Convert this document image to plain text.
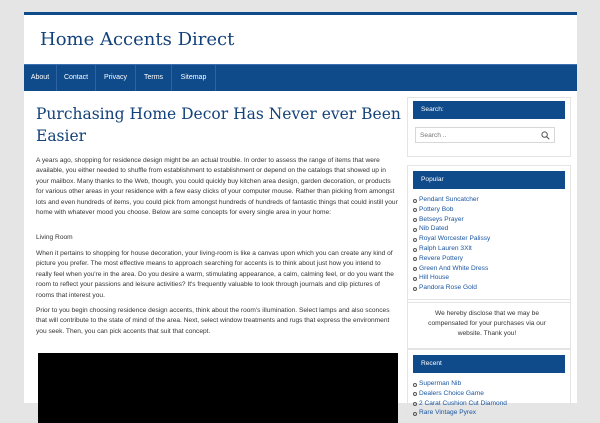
Home Accents Direct
About	Contact	Privacy	Terms	Sitemap
Purchasing Home Decor Has Never ever Been Easier

A years ago, shopping for residence design might be an actual trouble. In order to assess the range of items that were available, you either needed to shuffle from establishment to establishment or depend on the catalogs that showed up in your mailbox. Many thanks to the Web, though, you could quickly buy kitchen area design, garden decoration, or products for various other areas in your residence with a few easy clicks of your computer mouse. Rather than picking from amongst lots and even hundreds of items, you could pick from amongst hundreds of hundreds of fantastic things that could instill your home with whatever mood you choose. Below are some concepts for every single area in your home:

Living Room

When it pertains to shopping for house decoration, your living-room is like a canvas upon which you can create any kind of picture you prefer. The most effective means to approach searching for accents is to think about just how you intend to really feel when you're in the area. Do you desire a warm, stimulating appearance, a calm, calming feel, or do you want the room to reflect your passions and leisure activities? It's frequently valuable to look through journals and clip pictures of rooms that interest you.

Prior to you begin choosing residence design accents, think about the room's illumination. Select lamps and also sconces that will contribute to the state of mind of the area. Next, select window treatments and rugs that express the environment you seek. Then, you can pick accents that suit that concept.

Search:
Search ..
Popular
Pendant Suncatcher
Pottery Bob
Betseys Prayer
Nib Dated
Royal Worcester Palissy
Ralph Lauren 3Xlt
Revere Pottery
Green And White Dress
Hill House
Pandora Rose Gold
We hereby disclose that we may be compensated for your purchases via our website. Thank you!
Recent
Superman Nib
Dealers Choice Game
2 Carat Cushion Cut Diamond
Rare Vintage Pyrex
